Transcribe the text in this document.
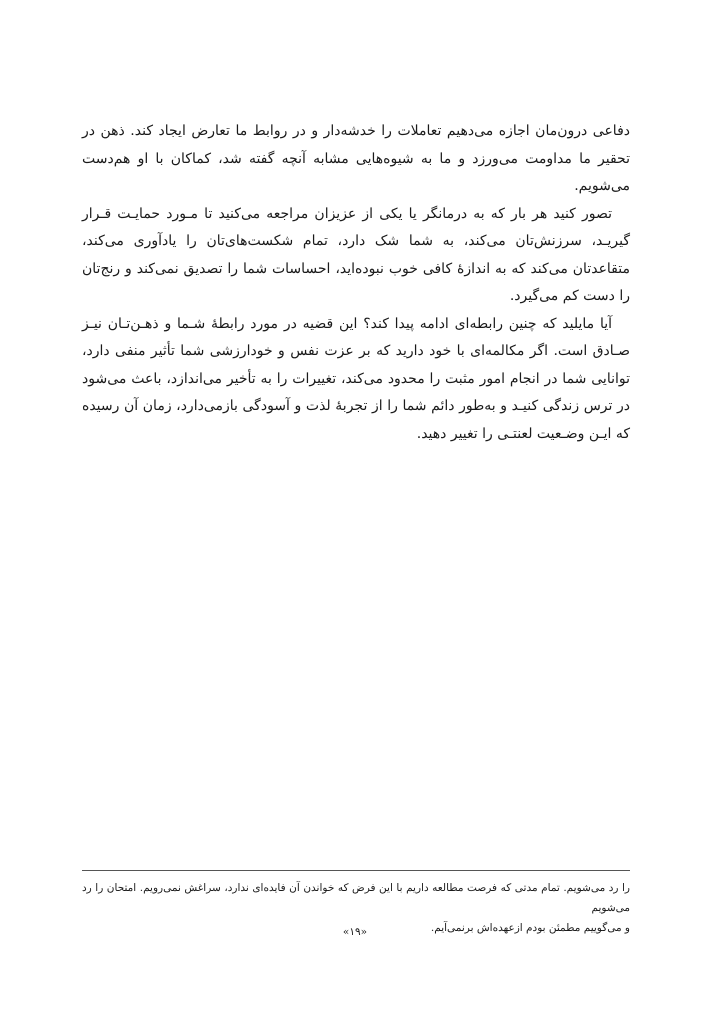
دفاعی درون‌مان اجازه می‌دهیم تعاملات را خدشه‌دار و در روابط ما تعارض ایجاد کند. ذهن در تحقیر ما مداومت می‌ورزد و ما به شیوه‌هایی مشابه آنچه گفته شد، کماکان با او هم‌دست می‌شویم.

تصور کنید هر بار که به درمانگر یا یکی از عزیزان مراجعه می‌کنید تا مـورد حمایـت قـرار گیریـد، سرزنش‌تان می‌کند، به شما شک دارد، تمام شکست‌های‌تان را یادآوری می‌کند، متقاعدتان می‌کند که به اندازهٔ کافی خوب نبوده‌اید، احساسات شما را تصدیق نمی‌کند و رنج‌تان را دست کم می‌گیرد.

آیا مایلید که چنین رابطه‌ای ادامه پیدا کند؟ این قضیه در مورد رابطهٔ شـما و ذهـن‌تـان نیـز صـادق است. اگر مکالمه‌ای با خود دارید که بر عزت نفس و خودارزشی شما تأثیر منفی دارد، توانایی شما در انجام امور مثبت را محدود می‌کند، تغییرات را به تأخیر می‌اندازد، باعث می‌شود در ترس زندگی کنیـد و به‌طور دائم شما را از تجربهٔ لذت و آسودگی بازمی‌دارد، زمان آن رسیده که ایـن وضـعیت لعنتـی را تغییر دهید.

را رد می‌شویم. تمام مدتی که فرصت مطالعه داریم با این فرض که خواندن آن فایده‌ای ندارد، سراغش نمی‌رویم. امتحان را رد می‌شویم

و می‌گوییم مطمئن بودم ازعهده‌اش برنمی‌آیم.

«۱۹»
